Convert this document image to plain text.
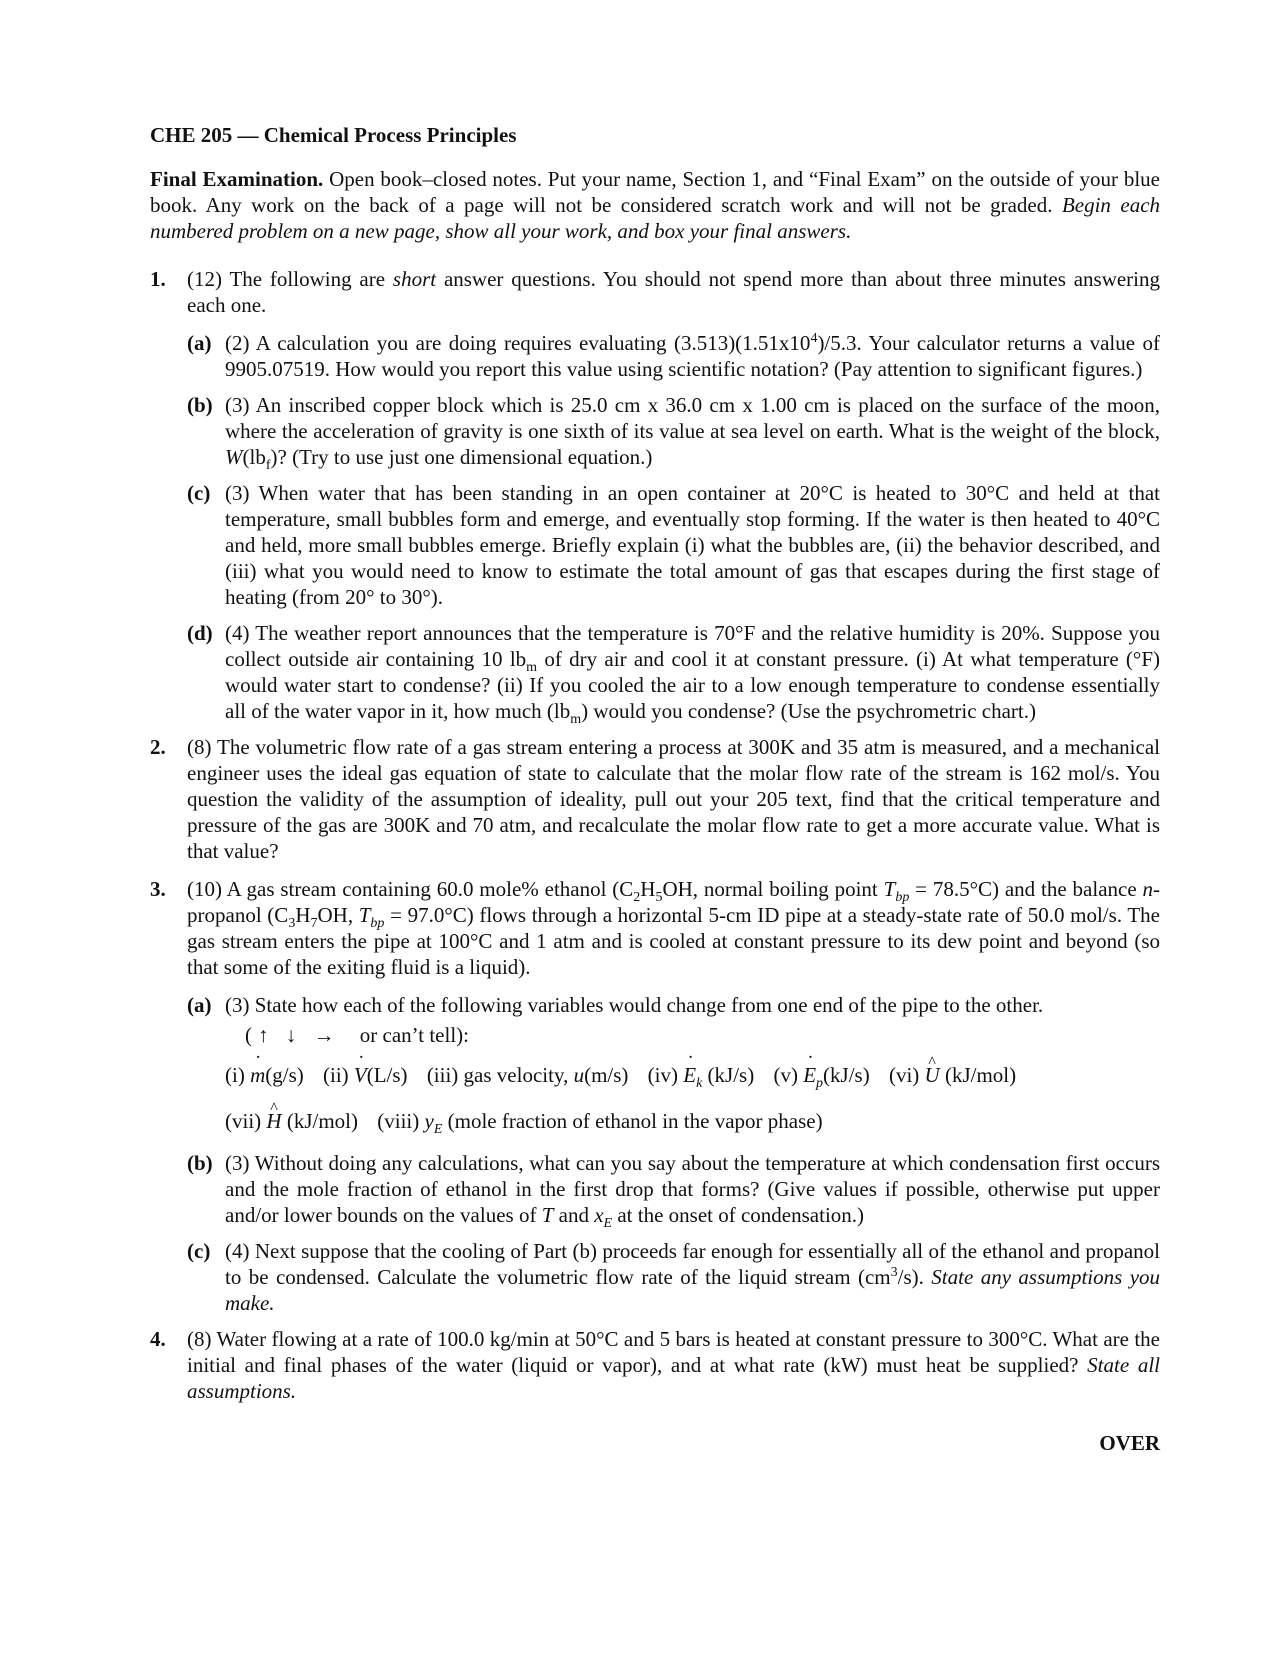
CHE 205 — Chemical Process Principles
Final Examination. Open book–closed notes. Put your name, Section 1, and “Final Exam” on the outside of your blue book. Any work on the back of a page will not be considered scratch work and will not be graded. Begin each numbered problem on a new page, show all your work, and box your final answers.
1. (12) The following are short answer questions. You should not spend more than about three minutes answering each one.
(a) (2) A calculation you are doing requires evaluating $(3.513)(1.51x10^4)/5.3$. Your calculator returns a value of 9905.07519. How would you report this value using scientific notation? (Pay attention to significant figures.)
(b) (3) An inscribed copper block which is 25.0 cm x 36.0 cm x 1.00 cm is placed on the surface of the moon, where the acceleration of gravity is one sixth of its value at sea level on earth. What is the weight of the block, $W(lb_f)$? (Try to use just one dimensional equation.)
(c) (3) When water that has been standing in an open container at 20°C is heated to 30°C and held at that temperature, small bubbles form and emerge, and eventually stop forming. If the water is then heated to 40°C and held, more small bubbles emerge. Briefly explain (i) what the bubbles are, (ii) the behavior described, and (iii) what you would need to know to estimate the total amount of gas that escapes during the first stage of heating (from 20° to 30°).
(d) (4) The weather report announces that the temperature is 70°F and the relative humidity is 20%. Suppose you collect outside air containing 10 $lb_m$ of dry air and cool it at constant pressure. (i) At what temperature (°F) would water start to condense? (ii) If you cooled the air to a low enough temperature to condense essentially all of the water vapor in it, how much $(lb_m)$ would you condense? (Use the psychrometric chart.)
2. (8) The volumetric flow rate of a gas stream entering a process at 300K and 35 atm is measured, and a mechanical engineer uses the ideal gas equation of state to calculate that the molar flow rate of the stream is 162 mol/s. You question the validity of the assumption of ideality, pull out your 205 text, find that the critical temperature and pressure of the gas are 300K and 70 atm, and recalculate the molar flow rate to get a more accurate value. What is that value?
3. (10) A gas stream containing 60.0 mole% ethanol ($C_2H_5OH$, normal boiling point $T_{bp} = 78.5^\circ C$) and the balance n-propanol ($C_3H_7OH$, $T_{bp} = 97.0^\circ C$) flows through a horizontal 5-cm ID pipe at a steady-state rate of 50.0 mol/s. The gas stream enters the pipe at 100°C and 1 atm and is cooled at constant pressure to its dew point and beyond (so that some of the exiting fluid is a liquid).
(a) (3) State how each of the following variables would change from one end of the pipe to the other.
(↑ ↓ → or can’t tell):
(i) ˙ m(g/s) (ii) ˙ V(L/s) (iii) gas velocity, u(m/s) (iv) ˙ $E_k$ (kJ/s) (v) ˙ $E_p(kJ/s)$ (vi) ^ U (kJ/mol)
(vii) ^ H (kJ/mol) (viii) $y_E$ (mole fraction of ethanol in the vapor phase)
(b) (3) Without doing any calculations, what can you say about the temperature at which condensation first occurs and the mole fraction of ethanol in the first drop that forms? (Give values if possible, otherwise put upper and/or lower bounds on the values of T and $x_E$ at the onset of condensation.)
(c) (4) Next suppose that the cooling of Part (b) proceeds far enough for essentially all of the ethanol and propanol to be condensed. Calculate the volumetric flow rate of the liquid stream $(cm^3/s)$. State any assumptions you make.
4. (8) Water flowing at a rate of 100.0 kg/min at 50°C and 5 bars is heated at constant pressure to 300°C. What are the initial and final phases of the water (liquid or vapor), and at what rate (kW) must heat be supplied? State all assumptions.
OVER
